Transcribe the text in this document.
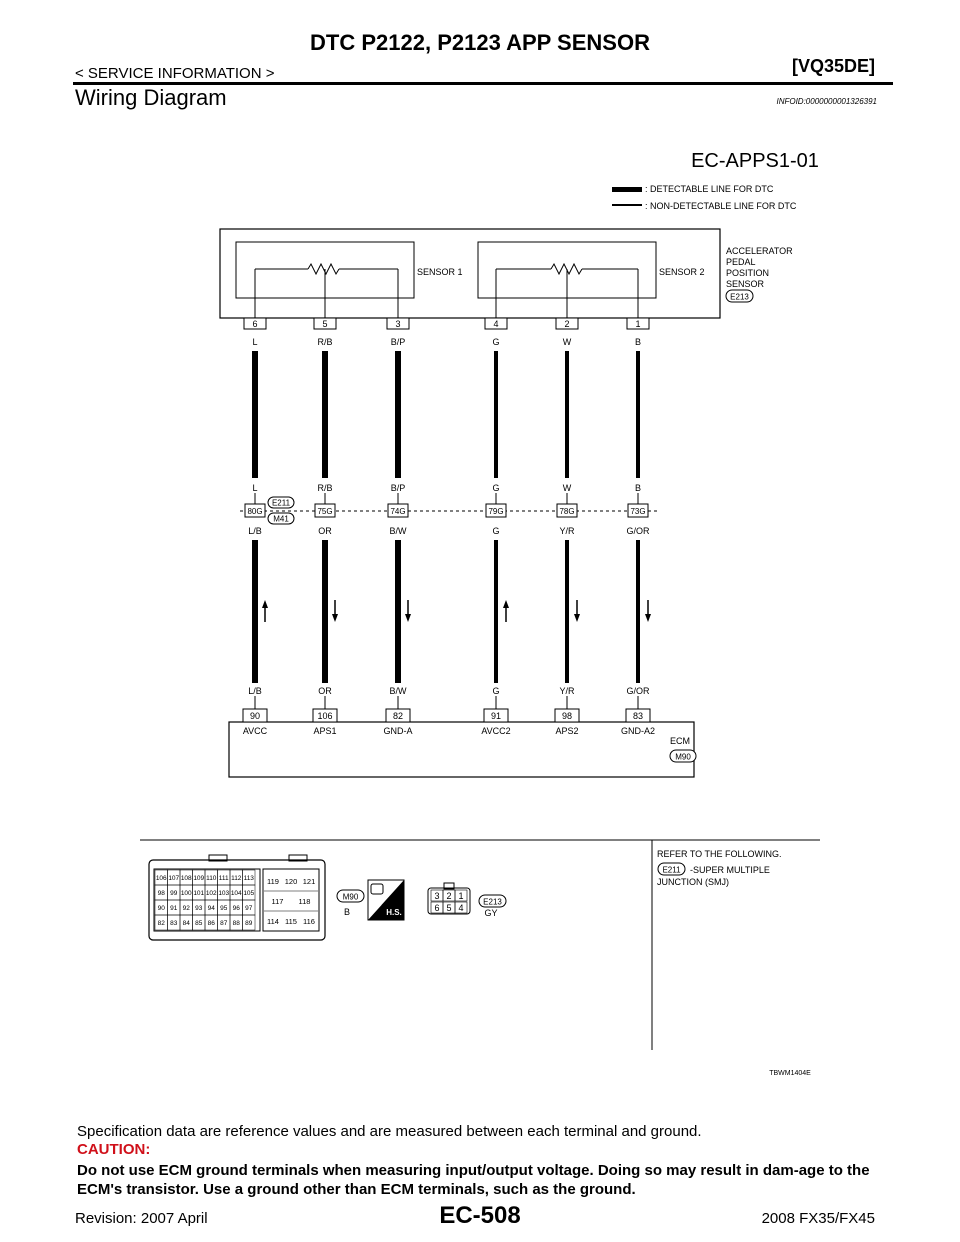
DTC P2122, P2123 APP SENSOR
< SERVICE INFORMATION >	[VQ35DE]
Wiring Diagram	INFOID:0000000001326391
EC-APPS1-01
: DETECTABLE LINE FOR DTC
: NON-DETECTABLE LINE FOR DTC
SENSOR 1	SENSOR 2
ACCELERATOR PEDAL POSITION SENSOR
E213
E211
M41
ECM
M90
6
L
L
80G
L/B
L/B
90
AVCC
5
R/B
R/B
75G
OR
OR
106
APS1
3
B/P
B/P
74G
B/W
B/W
82
GND-A
4
G
G
79G
G
G
91
AVCC2
2
W
W
78G
Y/R
Y/R
98
APS2
1
B
B
73G
G/OR
G/OR
83
GND-A2
106 107 108 109 110 111 112 113
98 99 100 101 102 103 104 105
90 91 92 93 94 95 96 97
82 83 84 85 86 87 88 89
119 120 121
117 118
114 115 116
M90
B	H.S.
3 2 1
6 5 4
E213
GY
REFER TO THE FOLLOWING.
E211 -SUPER MULTIPLE
JUNCTION (SMJ)
TBWM1404E
Specification data are reference values and are measured between each terminal and ground.
CAUTION:
Do not use ECM ground terminals when measuring input/output voltage. Doing so may result in dam-age to the ECM's transistor. Use a ground other than ECM terminals, such as the ground.
EC-508
Revision: 2007 April	2008 FX35/FX45
